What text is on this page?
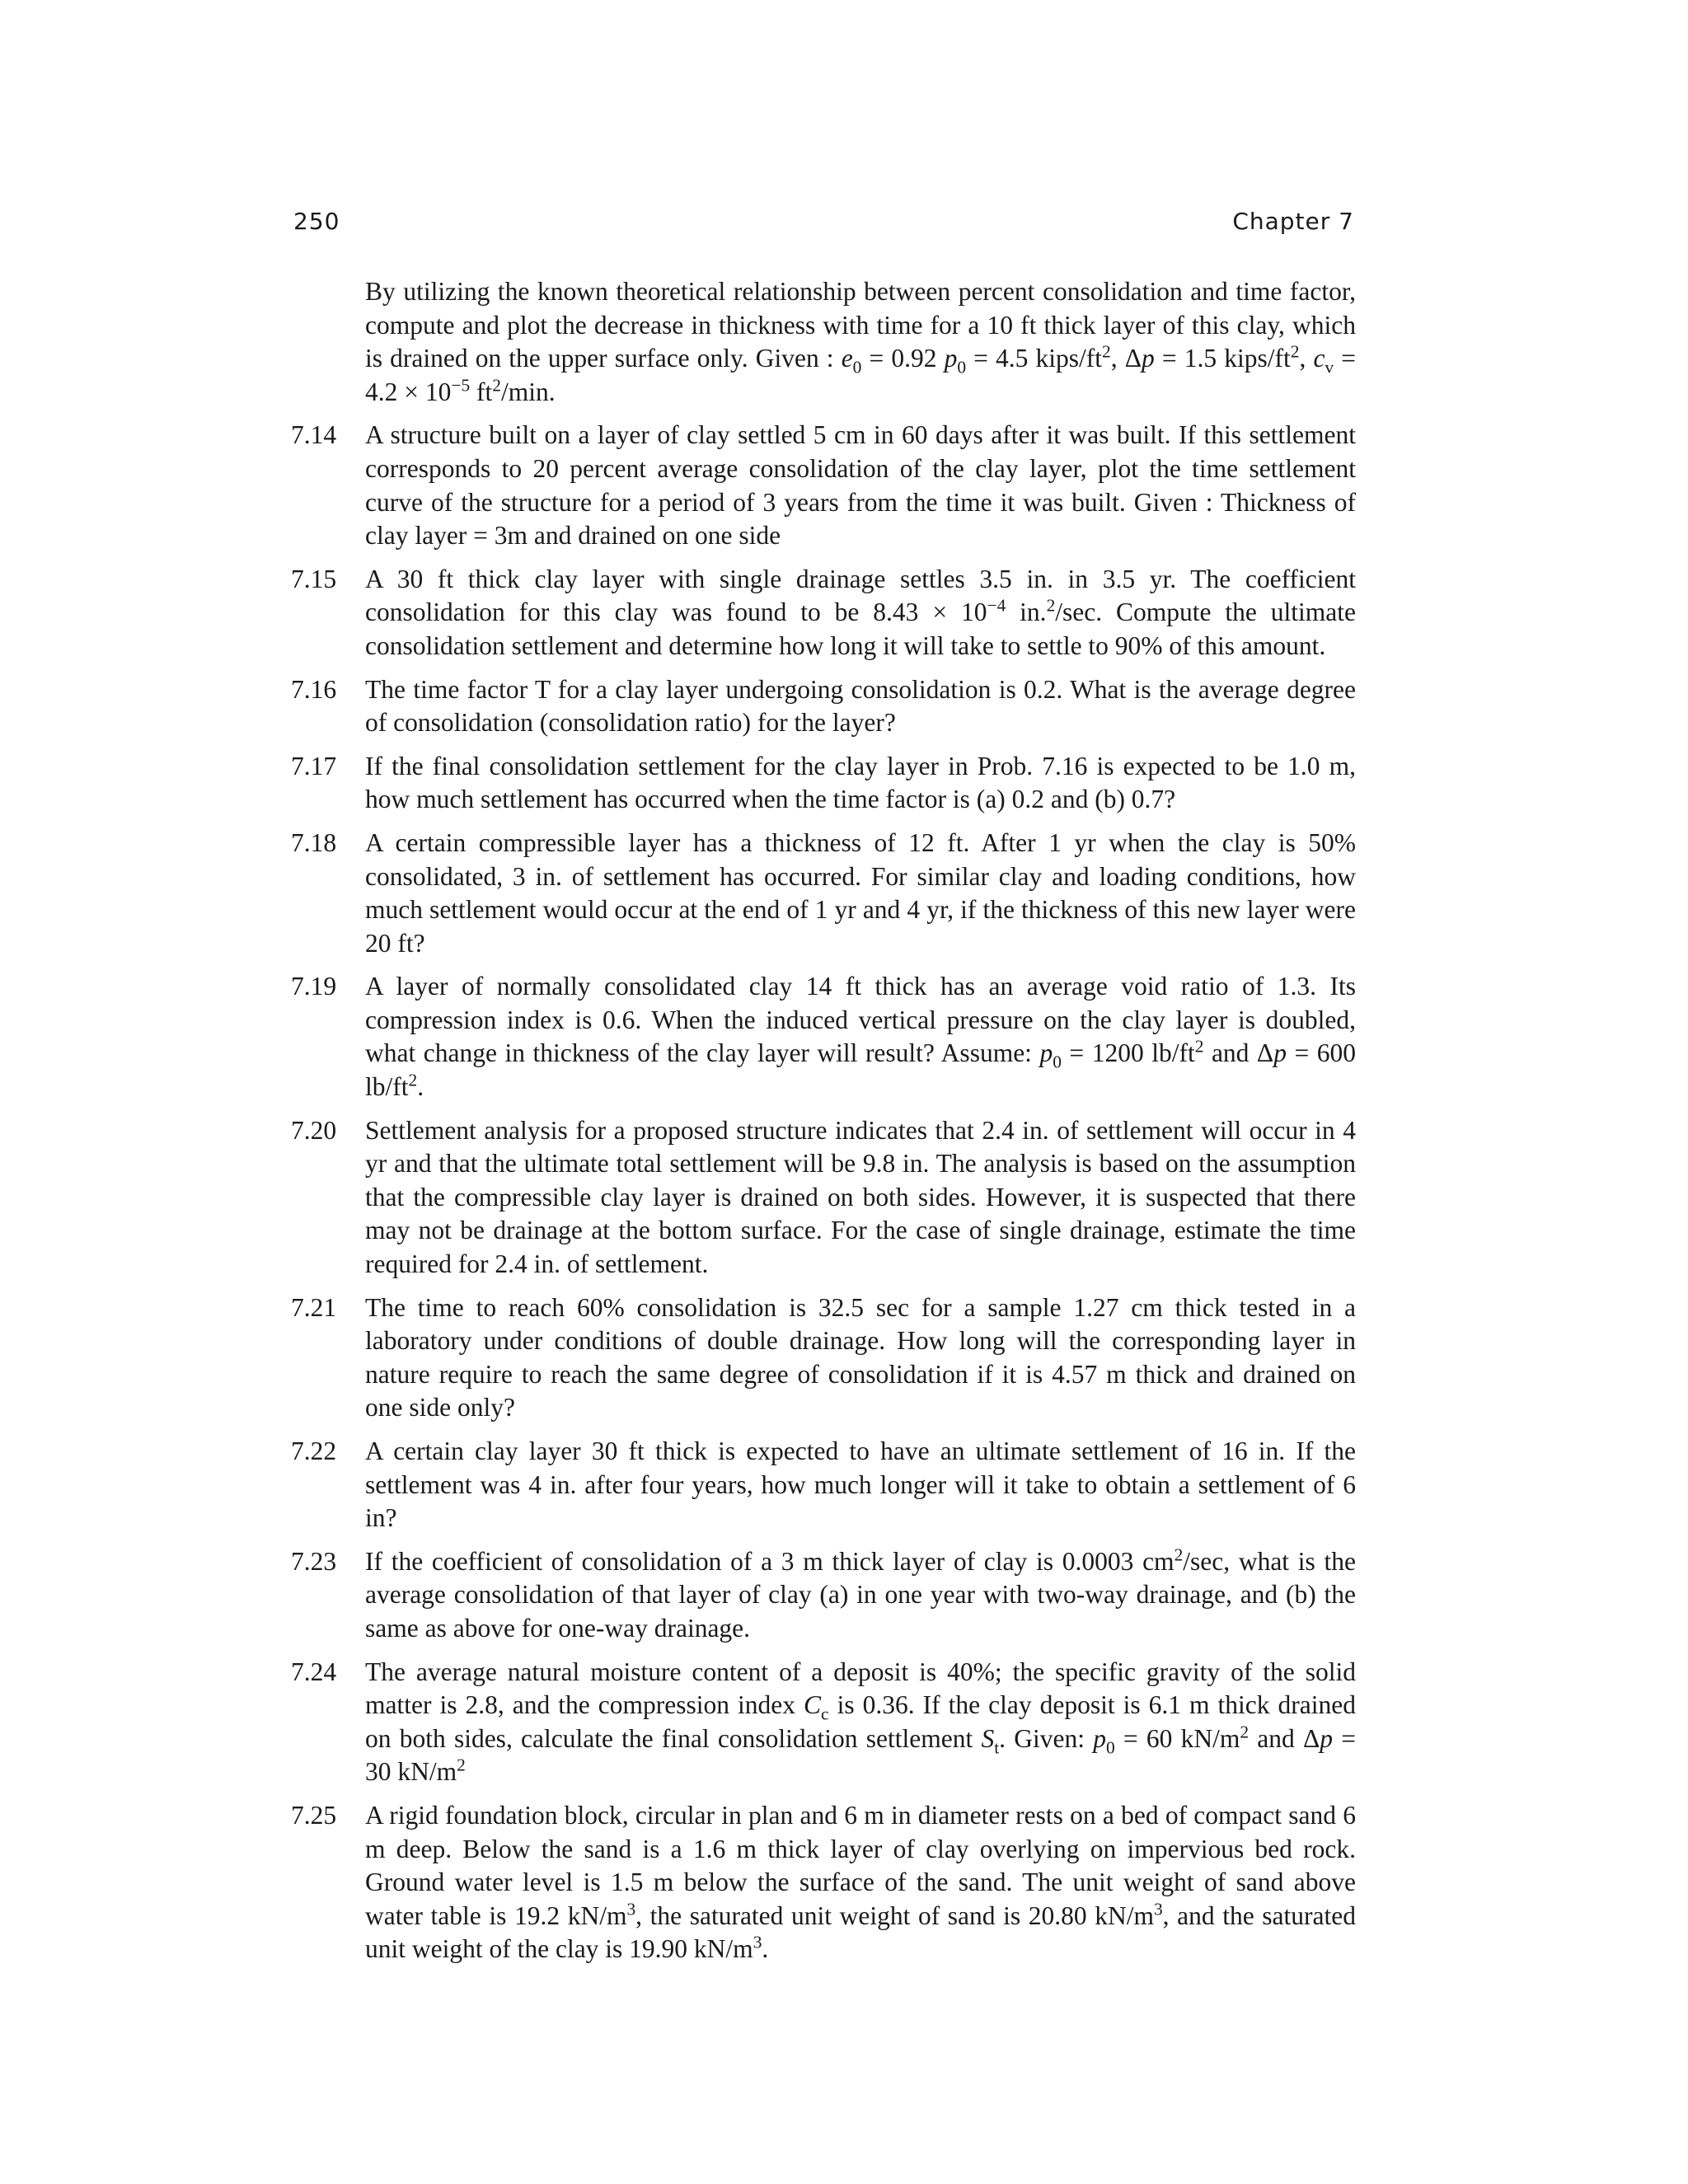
250	Chapter 7
By utilizing the known theoretical relationship between percent consolidation and time factor, compute and plot the decrease in thickness with time for a 10 ft thick layer of this clay, which is drained on the upper surface only. Given : $e_0 = 0.92$ $p_0 = 4.5$ kips/$ft^2$, Δp = 1.5 kips/$ft^2$, $c_v = 4.2 \times 10^{-5}$ $ft^2/\min$.
7.14	A structure built on a layer of clay settled 5 cm in 60 days after it was built. If this settlement corresponds to 20 percent average consolidation of the clay layer, plot the time settlement curve of the structure for a period of 3 years from the time it was built. Given : Thickness of clay layer = 3m and drained on one side
7.15	A 30 ft thick clay layer with single drainage settles 3.5 in. in 3.5 yr. The coefficient consolidation for this clay was found to be $8.43 \times 10^{-4}$ in.$^2$/sec. Compute the ultimate consolidation settlement and determine how long it will take to settle to 90% of this amount.
7.16	The time factor T for a clay layer undergoing consolidation is 0.2. What is the average degree of consolidation (consolidation ratio) for the layer?
7.17	If the final consolidation settlement for the clay layer in Prob. 7.16 is expected to be 1.0 m, how much settlement has occurred when the time factor is (a) 0.2 and (b) 0.7?
7.18	A certain compressible layer has a thickness of 12 ft. After 1 yr when the clay is 50% consolidated, 3 in. of settlement has occurred. For similar clay and loading conditions, how much settlement would occur at the end of 1 yr and 4 yr, if the thickness of this new layer were 20 ft?
7.19	A layer of normally consolidated clay 14 ft thick has an average void ratio of 1.3. Its compression index is 0.6. When the induced vertical pressure on the clay layer is doubled, what change in thickness of the clay layer will result? Assume: $p_0 = 1200$ $lb/ft^2$ and Δp = 600 $lb/ft^2$.
7.20	Settlement analysis for a proposed structure indicates that 2.4 in. of settlement will occur in 4 yr and that the ultimate total settlement will be 9.8 in. The analysis is based on the assumption that the compressible clay layer is drained on both sides. However, it is suspected that there may not be drainage at the bottom surface. For the case of single drainage, estimate the time required for 2.4 in. of settlement.
7.21	The time to reach 60% consolidation is 32.5 sec for a sample 1.27 cm thick tested in a laboratory under conditions of double drainage. How long will the corresponding layer in nature require to reach the same degree of consolidation if it is 4.57 m thick and drained on one side only?
7.22	A certain clay layer 30 ft thick is expected to have an ultimate settlement of 16 in. If the settlement was 4 in. after four years, how much longer will it take to obtain a settlement of 6 in?
7.23	If the coefficient of consolidation of a 3 m thick layer of clay is 0.0003 $cm^2/\sec$, what is the average consolidation of that layer of clay (a) in one year with two-way drainage, and (b) the same as above for one-way drainage.
7.24	The average natural moisture content of a deposit is 40%; the specific gravity of the solid matter is 2.8, and the compression index $C_c$ is 0.36. If the clay deposit is 6.1 m thick drained on both sides, calculate the final consolidation settlement $S_t$. Given: $p_0 = 60$ $kN/m^2$ and Δp = 30 $kN/m^2$
7.25	A rigid foundation block, circular in plan and 6 m in diameter rests on a bed of compact sand 6 m deep. Below the sand is a 1.6 m thick layer of clay overlying on impervious bed rock. Ground water level is 1.5 m below the surface of the sand. The unit weight of sand above water table is 19.2 $kN/m^3$, the saturated unit weight of sand is 20.80 $kN/m^3$, and the saturated unit weight of the clay is 19.90 $kN/m^3$.
